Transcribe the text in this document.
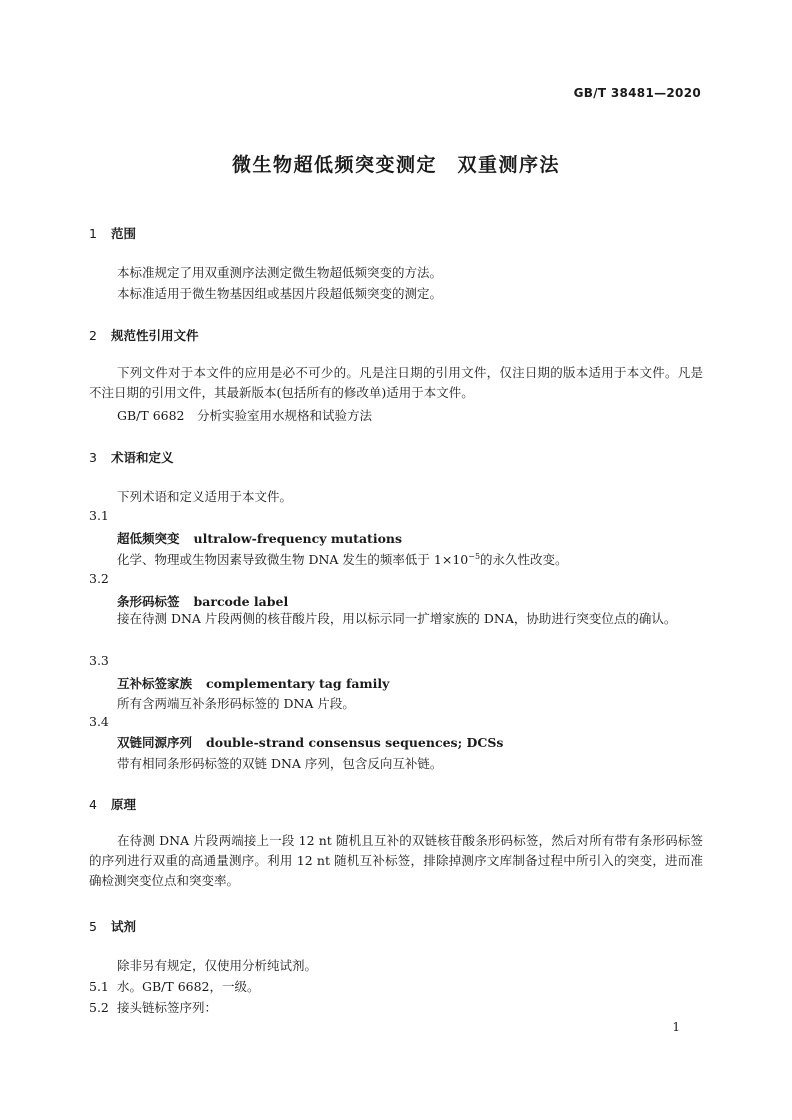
GB/T 38481—2020
微生物超低频突变测定　双重测序法
1 范围
本标准规定了用双重测序法测定微生物超低频突变的方法。
本标准适用于微生物基因组或基因片段超低频突变的测定。
2 规范性引用文件
下列文件对于本文件的应用是必不可少的。凡是注日期的引用文件，仅注日期的版本适用于本文件。凡是不注日期的引用文件，其最新版本(包括所有的修改单)适用于本文件。
GB/T 6682　分析实验室用水规格和试验方法
3 术语和定义
下列术语和定义适用于本文件。
3.1
超低频突变 ultralow-frequency mutations
化学、物理或生物因素导致微生物 DNA 发生的频率低于 $1\times 10^{-5}$的永久性改变。
3.2
条形码标签 barcode label
接在待测 DNA 片段两侧的核苷酸片段，用以标示同一扩增家族的 DNA，协助进行突变位点的确认。
3.3
互补标签家族 complementary tag family
所有含两端互补条形码标签的 DNA 片段。
3.4
双链同源序列 double-strand consensus sequences; DCSs
带有相同条形码标签的双链 DNA 序列，包含反向互补链。
4 原理
在待测 DNA 片段两端接上一段 12 nt 随机且互补的双链核苷酸条形码标签，然后对所有带有条形码标签的序列进行双重的高通量测序。利用 12 nt 随机互补标签，排除掉测序文库制备过程中所引入的突变，进而准确检测突变位点和突变率。
5 试剂
除非另有规定，仅使用分析纯试剂。
5.1 水。GB/T 6682，一级。
5.2 接头链标签序列：
1
